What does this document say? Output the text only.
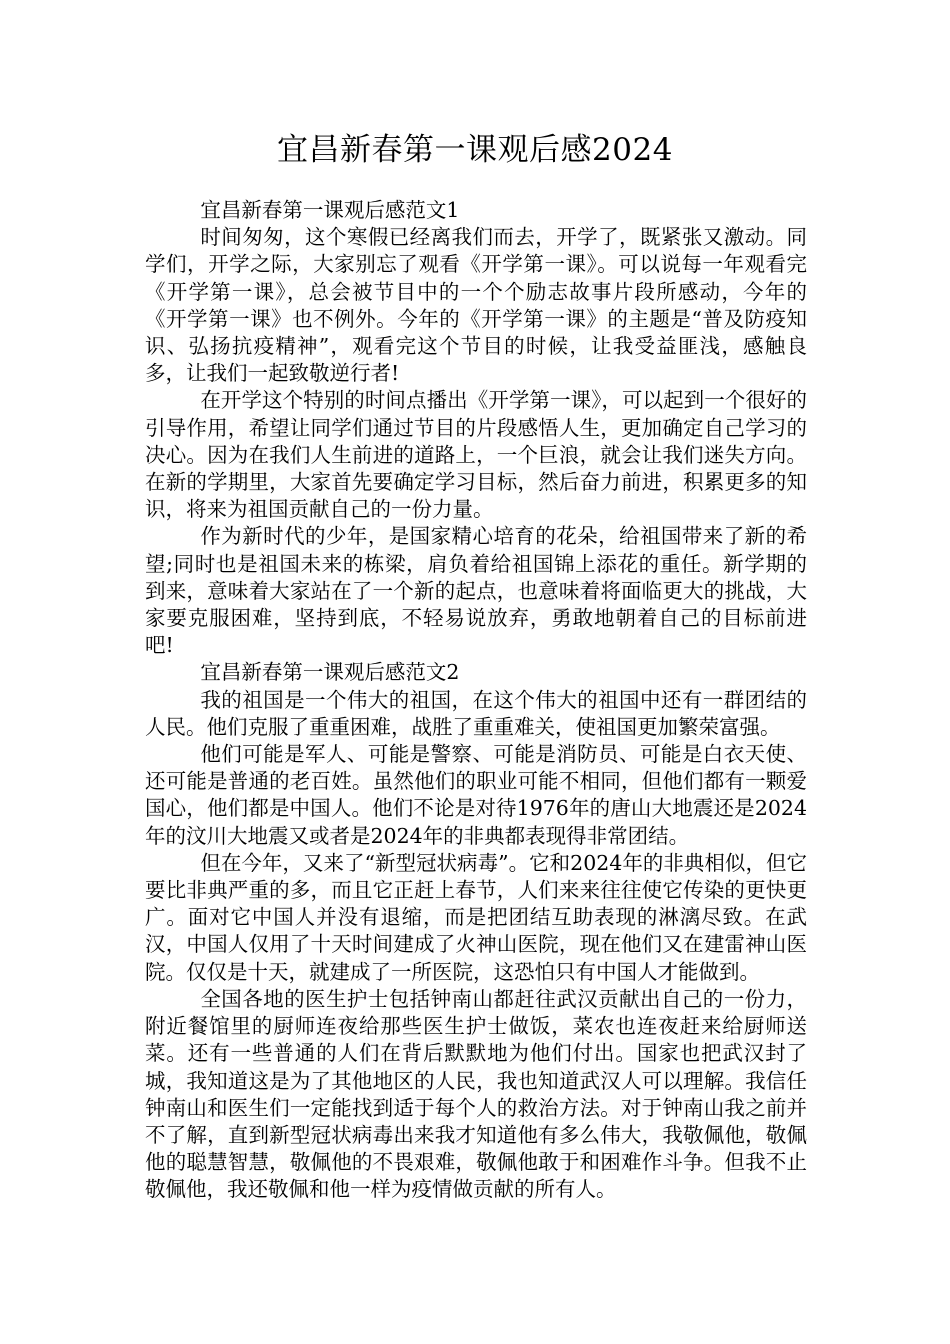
宜昌新春第一课观后感2024

宜昌新春第一课观后感范文1

时间匆匆，这个寒假已经离我们而去，开学了，既紧张又激动。同学们，开学之际，大家别忘了观看《开学第一课》。可以说每一年观看完《开学第一课》，总会被节目中的一个个励志故事片段所感动，今年的《开学第一课》也不例外。今年的《开学第一课》的主题是“普及防疫知识、弘扬抗疫精神”，观看完这个节目的时候，让我受益匪浅，感触良多，让我们一起致敬逆行者!

在开学这个特别的时间点播出《开学第一课》，可以起到一个很好的引导作用，希望让同学们通过节目的片段感悟人生，更加确定自己学习的决心。因为在我们人生前进的道路上，一个巨浪，就会让我们迷失方向。在新的学期里，大家首先要确定学习目标，然后奋力前进，积累更多的知识，将来为祖国贡献自己的一份力量。

作为新时代的少年，是国家精心培育的花朵，给祖国带来了新的希望;同时也是祖国未来的栋梁，肩负着给祖国锦上添花的重任。新学期的到来，意味着大家站在了一个新的起点，也意味着将面临更大的挑战，大家要克服困难，坚持到底，不轻易说放弃，勇敢地朝着自己的目标前进吧!

宜昌新春第一课观后感范文2

我的祖国是一个伟大的祖国，在这个伟大的祖国中还有一群团结的人民。他们克服了重重困难，战胜了重重难关，使祖国更加繁荣富强。

他们可能是军人、可能是警察、可能是消防员、可能是白衣天使、还可能是普通的老百姓。虽然他们的职业可能不相同，但他们都有一颗爱国心，他们都是中国人。他们不论是对待1976年的唐山大地震还是2024年的汶川大地震又或者是2024年的非典都表现得非常团结。

但在今年，又来了“新型冠状病毒”。它和2024年的非典相似，但它要比非典严重的多，而且它正赶上春节，人们来来往往使它传染的更快更广。面对它中国人并没有退缩，而是把团结互助表现的淋漓尽致。在武汉，中国人仅用了十天时间建成了火神山医院，现在他们又在建雷神山医院。仅仅是十天，就建成了一所医院，这恐怕只有中国人才能做到。

全国各地的医生护士包括钟南山都赶往武汉贡献出自己的一份力，附近餐馆里的厨师连夜给那些医生护士做饭，菜农也连夜赶来给厨师送菜。还有一些普通的人们在背后默默地为他们付出。国家也把武汉封了城，我知道这是为了其他地区的人民，我也知道武汉人可以理解。我信任钟南山和医生们一定能找到适于每个人的救治方法。对于钟南山我之前并不了解，直到新型冠状病毒出来我才知道他有多么伟大，我敬佩他，敬佩他的聪慧智慧，敬佩他的不畏艰难，敬佩他敢于和困难作斗争。但我不止敬佩他，我还敬佩和他一样为疫情做贡献的所有人。
